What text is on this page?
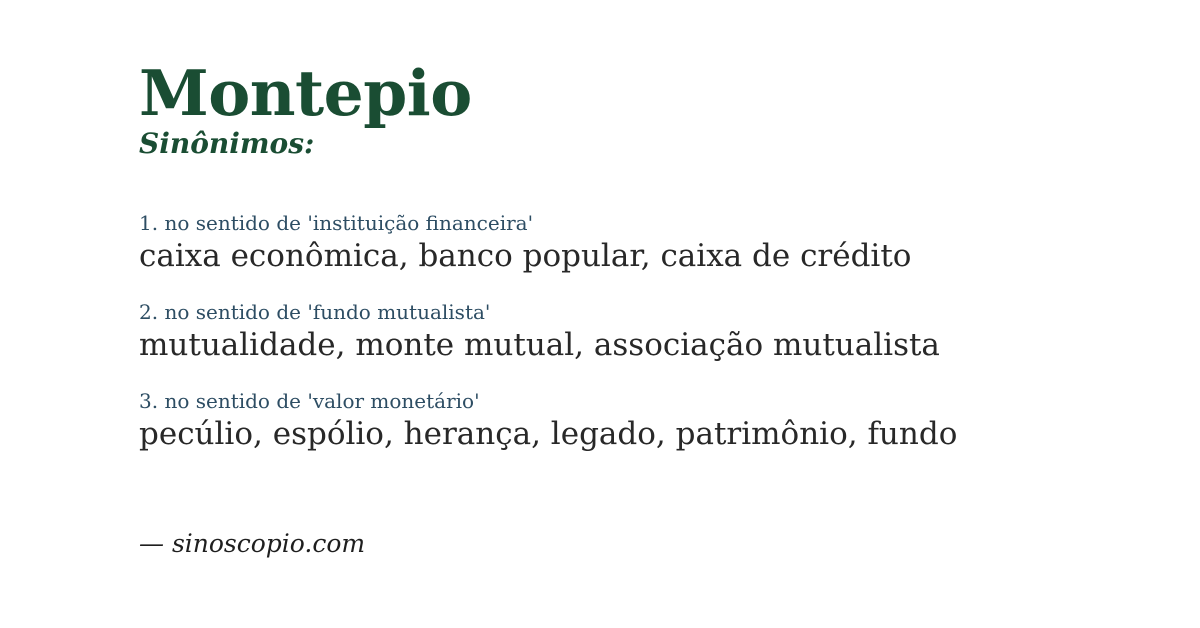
Montepio
Sinônimos:
1. no sentido de 'instituição financeira'
caixa econômica, banco popular, caixa de crédito
2. no sentido de 'fundo mutualista'
mutualidade, monte mutual, associação mutualista
3. no sentido de 'valor monetário'
pecúlio, espólio, herança, legado, patrimônio, fundo
— sinoscopio.com
